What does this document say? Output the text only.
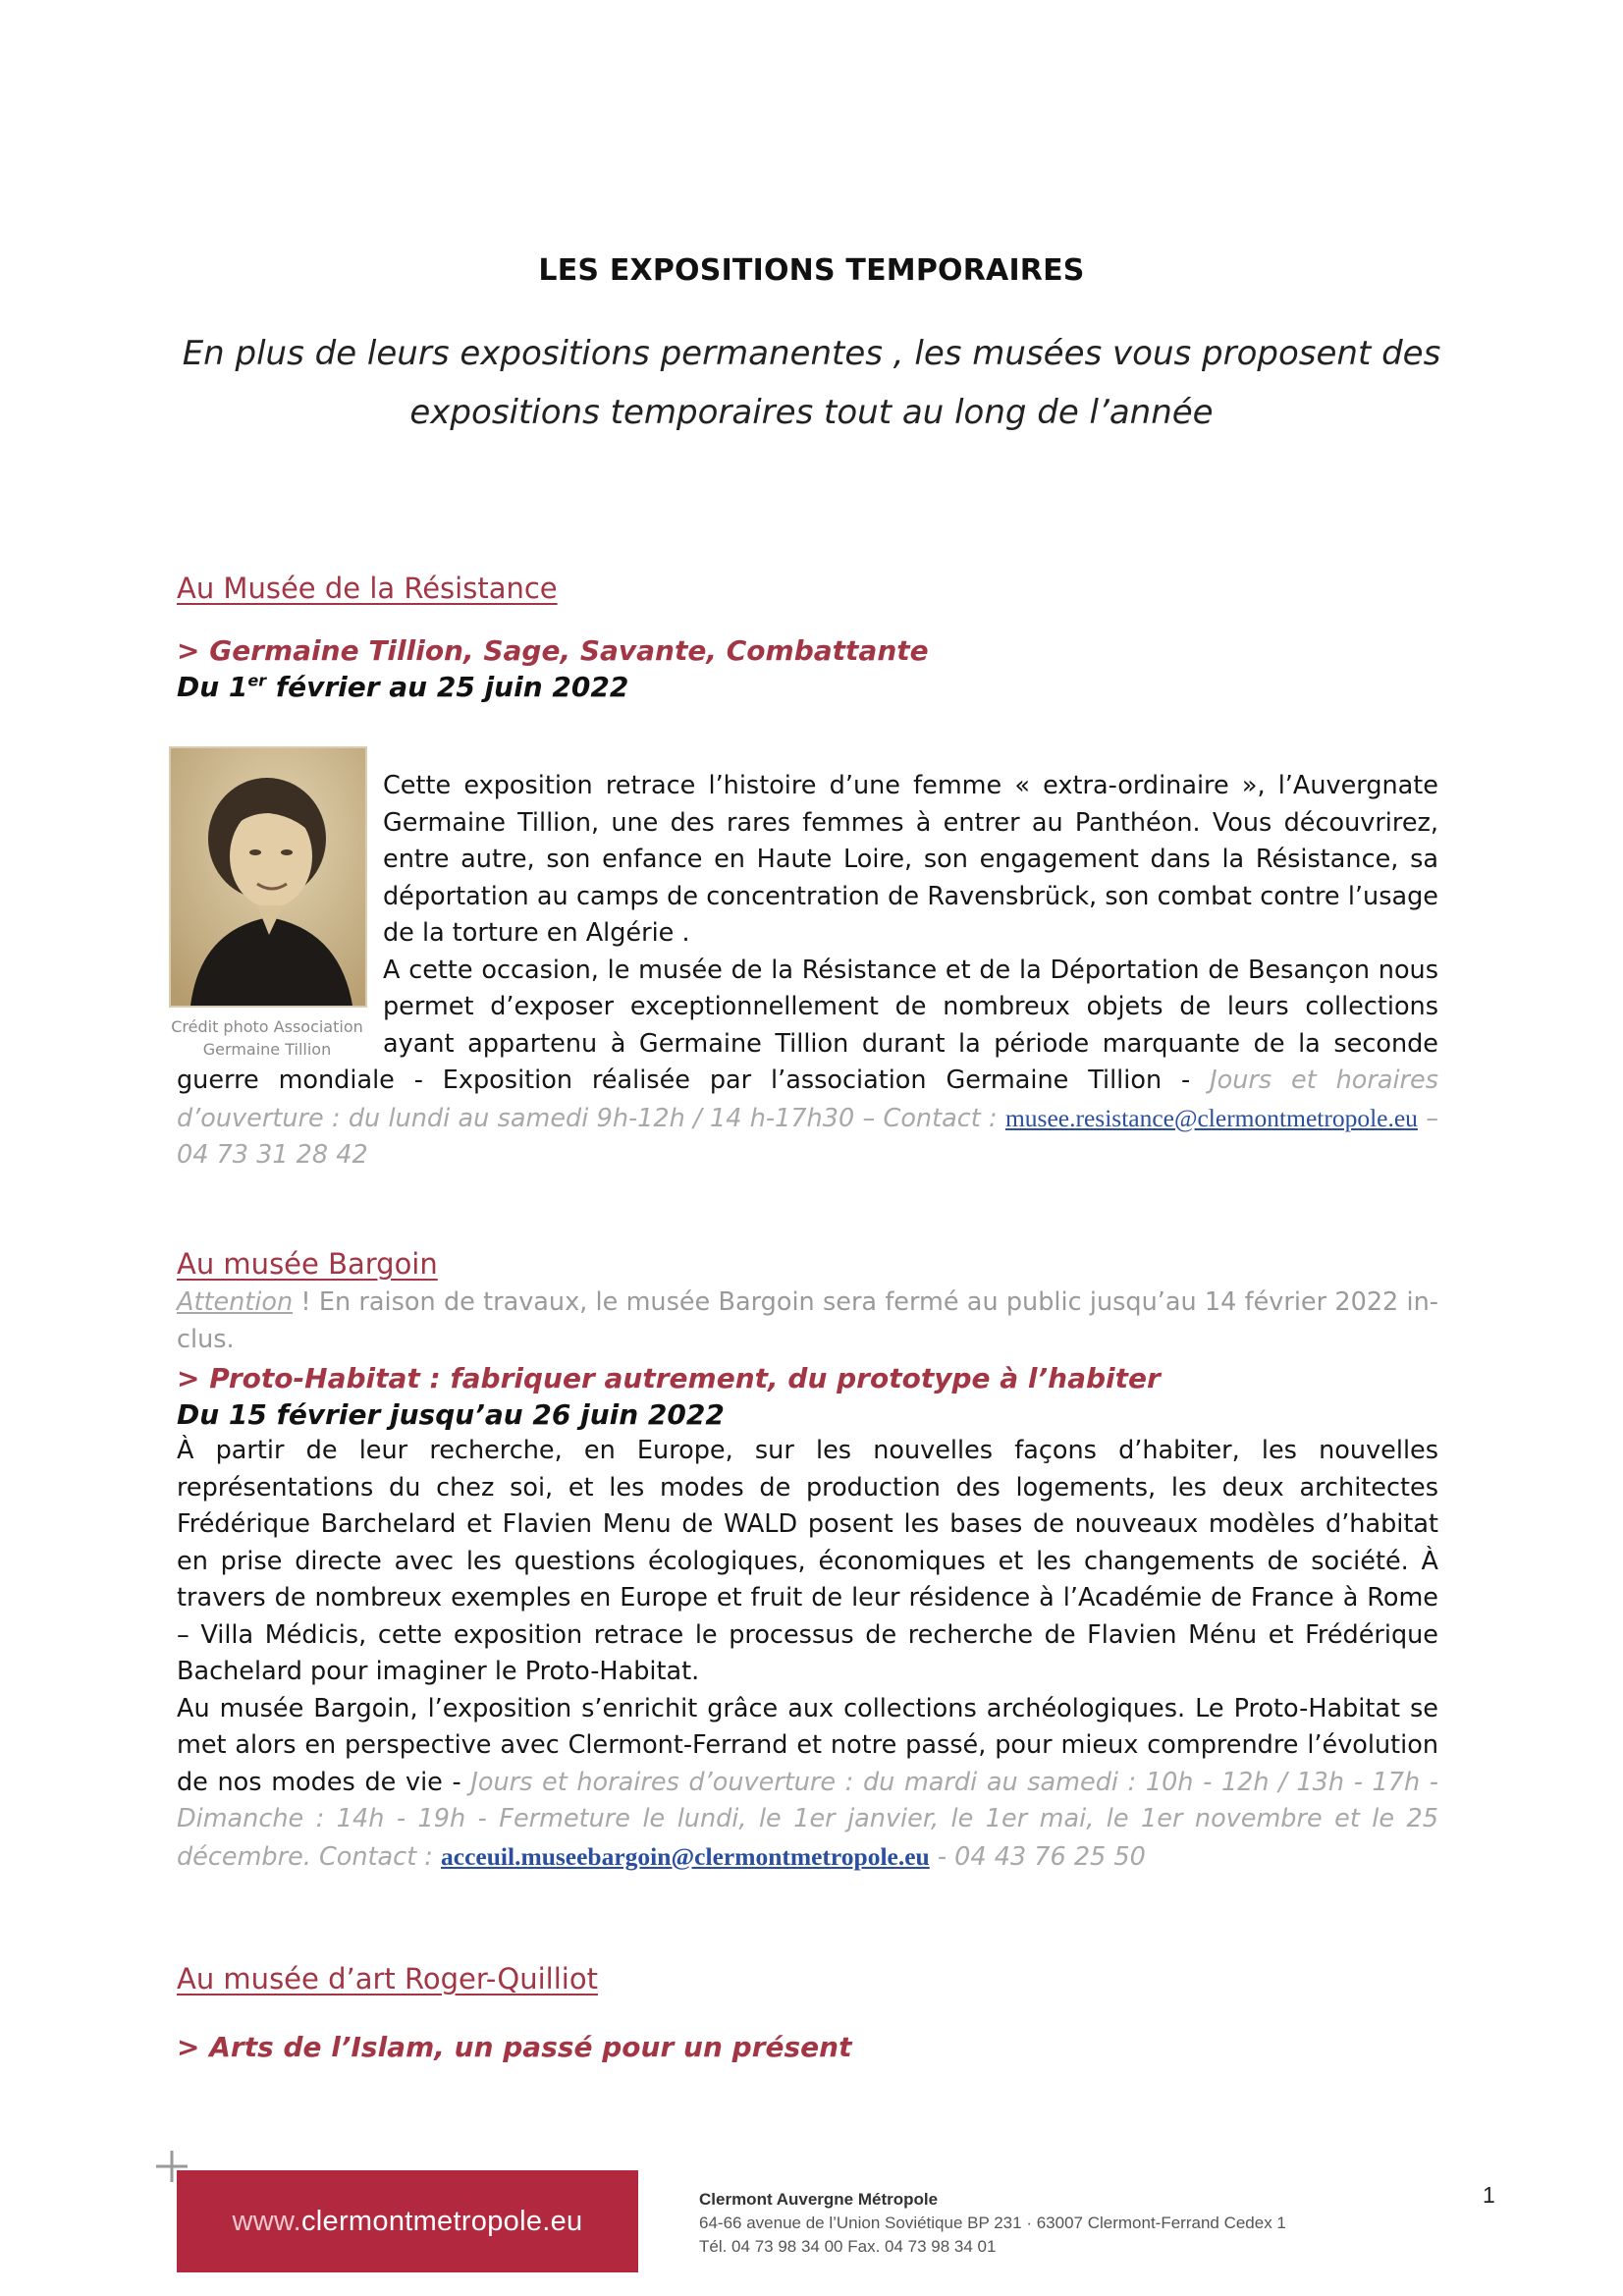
LES EXPOSITIONS TEMPORAIRES
En plus de leurs expositions permanentes , les musées vous proposent des
expositions temporaires tout au long de l’année
Au Musée de la Résistance
> Germaine Tillion, Sage, Savante, Combattante
Du 1er février au 25 juin 2022
Crédit photo Association
Germaine Tillion
Cette exposition retrace l’histoire d’une femme « extra-ordinaire », l’Auvergnate Germaine Tillion, une des rares femmes à entrer au Panthéon. Vous découvrirez, entre autre, son enfance en Haute Loire, son engagement dans la Résistance, sa déportation au camps de concentration de Ravensbrück, son combat contre l’usage de la torture en Algérie .
A cette occasion, le musée de la Résistance et de la Déportation de Besançon nous permet d’exposer exceptionnellement de nombreux objets de leurs collections ayant appartenu à Germaine Tillion durant la période marquante de la seconde guerre mondiale - Exposition réalisée par l’association Germaine Tillion - Jours et horaires d’ouverture : du lundi au samedi 9h-12h / 14 h-17h30 – Contact : musee.resistance@clermontmetropole.eu – 04 73 31 28 42
Au musée Bargoin
Attention ! En raison de travaux, le musée Bargoin sera fermé au public jusqu’au 14 février 2022 in-clus.
> Proto-Habitat : fabriquer autrement, du prototype à l’habiter
Du 15 février jusqu’au 26 juin 2022
À partir de leur recherche, en Europe, sur les nouvelles façons d’habiter, les nouvelles représentations du chez soi, et les modes de production des logements, les deux architectes Frédérique Barchelard et Flavien Menu de WALD posent les bases de nouveaux modèles d’habitat en prise directe avec les questions écologiques, économiques et les changements de société. À travers de nombreux exemples en Europe et fruit de leur résidence à l’Académie de France à Rome – Villa Médicis, cette exposition retrace le processus de recherche de Flavien Ménu et Frédérique Bachelard pour imaginer le Proto-Habitat.
Au musée Bargoin, l’exposition s’enrichit grâce aux collections archéologiques. Le Proto-Habitat se met alors en perspective avec Clermont-Ferrand et notre passé, pour mieux comprendre l’évolution de nos modes de vie - Jours et horaires d’ouverture : du mardi au samedi : 10h - 12h / 13h - 17h - Dimanche : 14h - 19h - Fermeture le lundi, le 1er janvier, le 1er mai, le 1er novembre et le 25 décembre. Contact : acceuil.museebargoin@clermontmetropole.eu - 04 43 76 25 50
Au musée d’art Roger-Quilliot
> Arts de l’Islam, un passé pour un présent
www. clermontmetropole.eu
Clermont Auvergne Métropole
64-66 avenue de l’Union Soviétique BP 231 · 63007 Clermont-Ferrand Cedex 1
Tél. 04 73 98 34 00 Fax. 04 73 98 34 01
1
